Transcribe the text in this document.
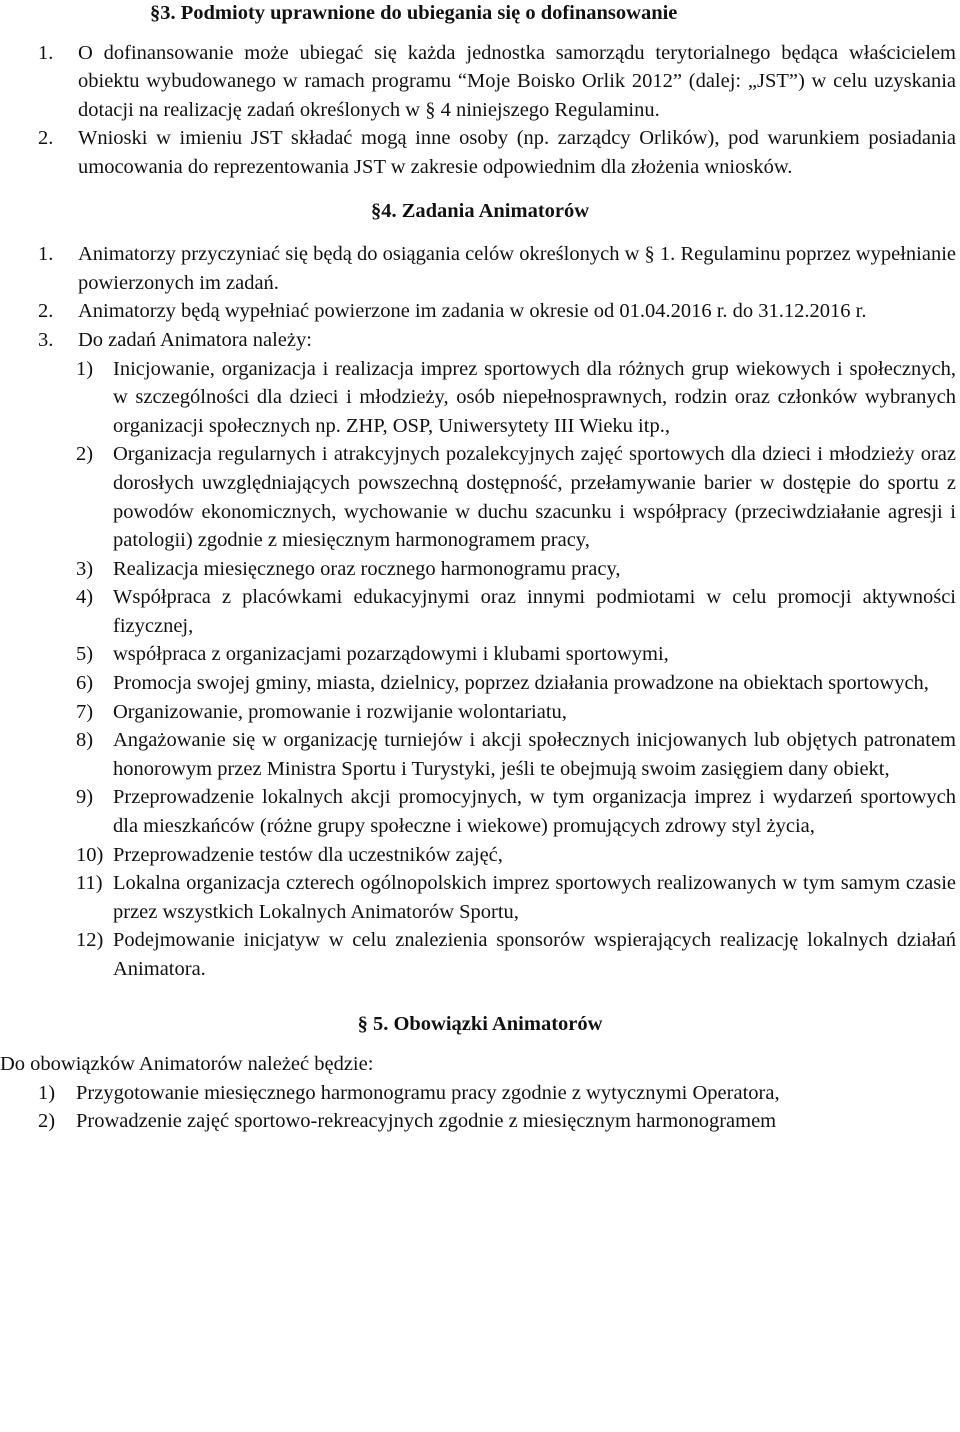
§3. Podmioty uprawnione do ubiegania się o dofinansowanie
1.	O dofinansowanie może ubiegać się każda jednostka samorządu terytorialnego będąca właścicielem obiektu wybudowanego w ramach programu “Moje Boisko Orlik 2012” (dalej: „JST”) w celu uzyskania dotacji na realizację zadań określonych w § 4 niniejszego Regulaminu.
2.	Wnioski w imieniu JST składać mogą inne osoby (np. zarządcy Orlików), pod warunkiem posiadania umocowania do reprezentowania JST w zakresie odpowiednim dla złożenia wniosków.
§4. Zadania Animatorów
1.	Animatorzy przyczyniać się będą do osiągania celów określonych w § 1. Regulaminu poprzez wypełnianie powierzonych im zadań.
2.	Animatorzy będą wypełniać powierzone im zadania w okresie od 01.04.2016 r. do 31.12.2016 r.
3.	Do zadań Animatora należy:
1) Inicjowanie, organizacja i realizacja imprez sportowych dla różnych grup wiekowych i społecznych, w szczególności dla dzieci i młodzieży, osób niepełnosprawnych, rodzin oraz członków wybranych organizacji społecznych np. ZHP, OSP, Uniwersytety III Wieku itp.,
2) Organizacja regularnych i atrakcyjnych pozalekcyjnych zajęć sportowych dla dzieci i młodzieży oraz dorosłych uwzględniających powszechną dostępność, przełamywanie barier w dostępie do sportu z powodów ekonomicznych, wychowanie w duchu szacunku i współpracy (przeciwdziałanie agresji i patologii) zgodnie z miesięcznym harmonogramem pracy,
3) Realizacja miesięcznego oraz rocznego harmonogramu pracy,
4) Współpraca z placówkami edukacyjnymi oraz innymi podmiotami w celu promocji aktywności fizycznej,
5) współpraca z organizacjami pozarządowymi i klubami sportowymi,
6) Promocja swojej gminy, miasta, dzielnicy, poprzez działania prowadzone na obiektach sportowych,
7) Organizowanie, promowanie i rozwijanie wolontariatu,
8) Angażowanie się w organizację turniejów i akcji społecznych inicjowanych lub objętych patronatem honorowym przez Ministra Sportu i Turystyki, jeśli te obejmują swoim zasięgiem dany obiekt,
9) Przeprowadzenie lokalnych akcji promocyjnych, w tym organizacja imprez i wydarzeń sportowych dla mieszkańców (różne grupy społeczne i wiekowe) promujących zdrowy styl życia,
10) Przeprowadzenie testów dla uczestników zajęć,
11) Lokalna organizacja czterech ogólnopolskich imprez sportowych realizowanych w tym samym czasie przez wszystkich Lokalnych Animatorów Sportu,
12) Podejmowanie inicjatyw w celu znalezienia sponsorów wspierających realizację lokalnych działań Animatora.
§ 5. Obowiązki Animatorów
Do obowiązków Animatorów należeć będzie:
1)	Przygotowanie miesięcznego harmonogramu pracy zgodnie z wytycznymi Operatora,
2)	Prowadzenie zajęć sportowo-rekreacyjnych zgodnie z miesięcznym harmonogramem
